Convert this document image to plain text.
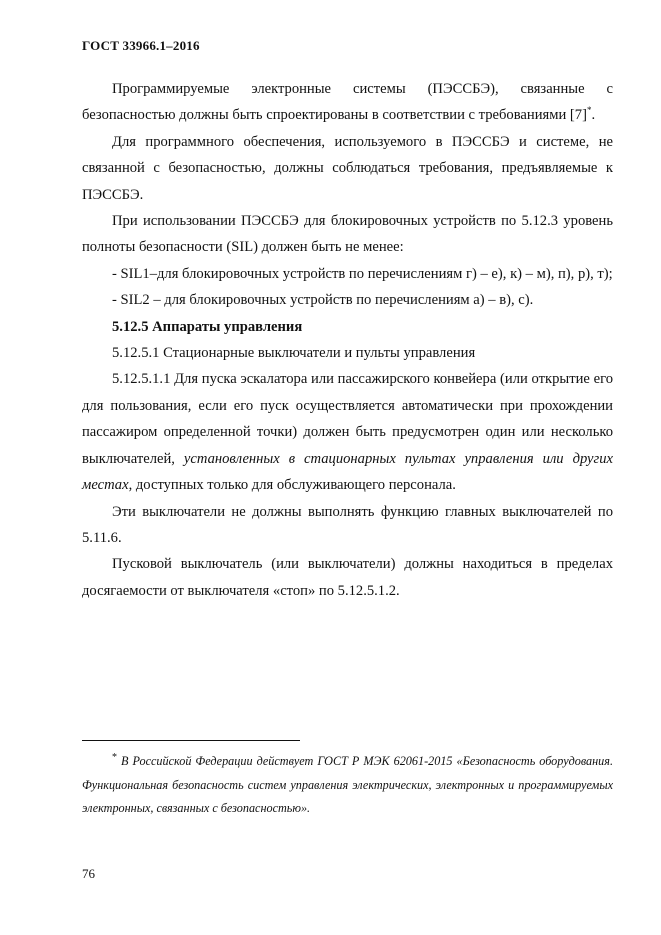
ГОСТ 33966.1–2016

Программируемые электронные системы (ПЭССБЭ), связанные с безопасностью должны быть спроектированы в соответствии с требованиями [7]*.

Для программного обеспечения, используемого в ПЭССБЭ и системе, не связанной с безопасностью, должны соблюдаться требования, предъявляемые к ПЭССБЭ.

При использовании ПЭССБЭ для блокировочных устройств по 5.12.3 уровень полноты безопасности (SIL) должен быть не менее:

- SIL1–для блокировочных устройств по перечислениям г) – е), к) – м), п), р), т);

- SIL2 – для блокировочных устройств по перечислениям а) – в), с).

5.12.5 Аппараты управления

5.12.5.1 Стационарные выключатели и пульты управления

5.12.5.1.1 Для пуска эскалатора или пассажирского конвейера (или открытие его для пользования, если его пуск осуществляется автоматически при прохождении пассажиром определенной точки) должен быть предусмотрен один или несколько выключателей, установленных в стационарных пультах управления или других местах, доступных только для обслуживающего персонала.

Эти выключатели не должны выполнять функцию главных выключателей по 5.11.6.

Пусковой выключатель (или выключатели) должны находиться в пределах досягаемости от выключателя «стоп» по 5.12.5.1.2.

* В Российской Федерации действует ГОСТ Р МЭК 62061-2015 «Безопасность оборудования. Функциональная безопасность систем управления электрических, электронных и программируемых электронных, связанных с безопасностью».

76
